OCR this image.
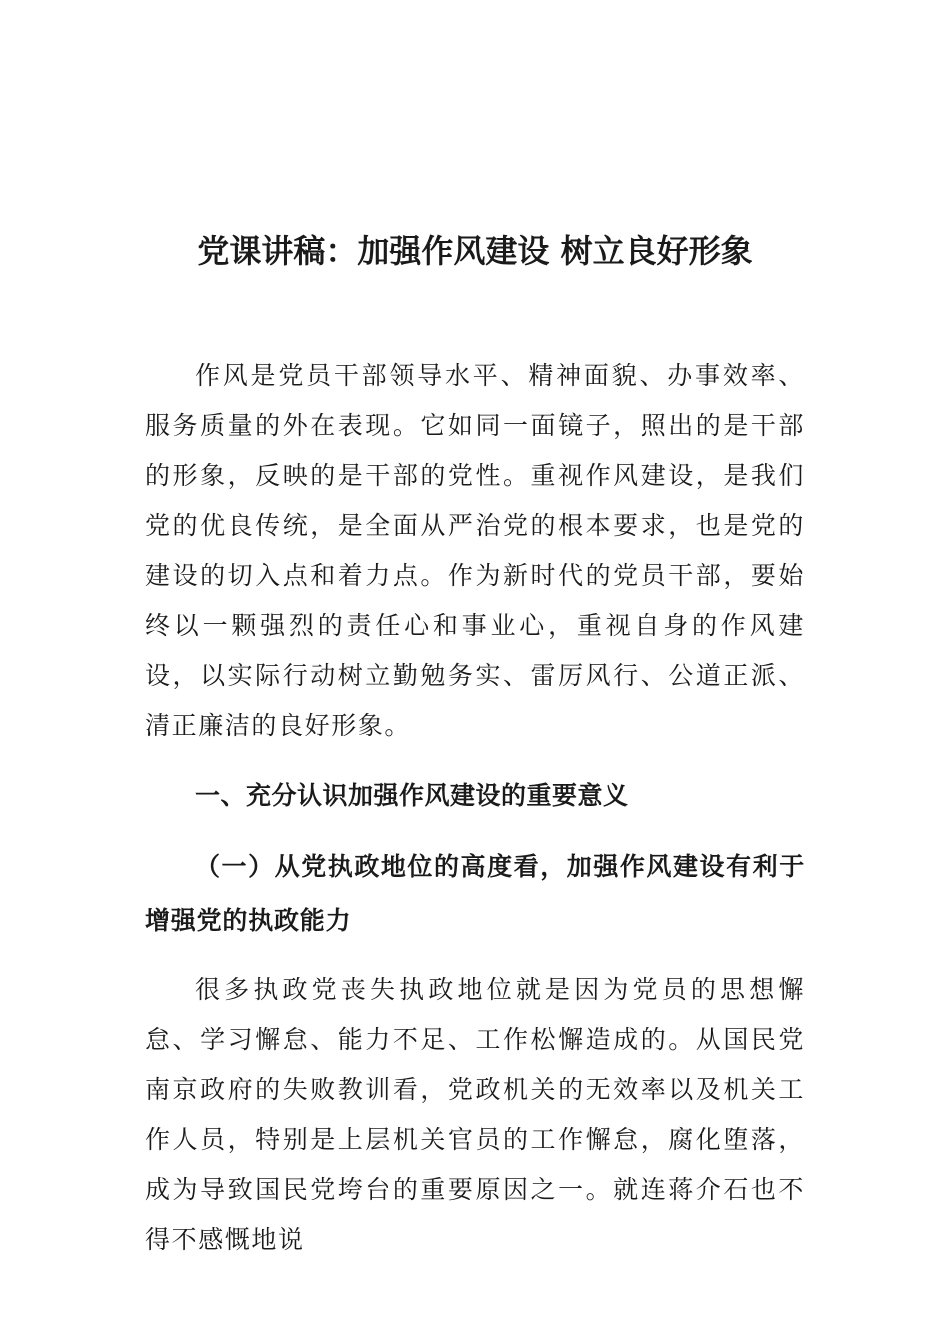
党课讲稿：加强作风建设 树立良好形象

作风是党员干部领导水平、精神面貌、办事效率、服务质量的外在表现。它如同一面镜子，照出的是干部的形象，反映的是干部的党性。重视作风建设，是我们党的优良传统，是全面从严治党的根本要求，也是党的建设的切入点和着力点。作为新时代的党员干部，要始终以一颗强烈的责任心和事业心，重视自身的作风建设，以实际行动树立勤勉务实、雷厉风行、公道正派、清正廉洁的良好形象。

一、充分认识加强作风建设的重要意义
（一）从党执政地位的高度看，加强作风建设有利于增强党的执政能力

很多执政党丧失执政地位就是因为党员的思想懈怠、学习懈怠、能力不足、工作松懈造成的。从国民党南京政府的失败教训看，党政机关的无效率以及机关工作人员，特别是上层机关官员的工作懈怠，腐化堕落，成为导致国民党垮台的重要原因之一。就连蒋介石也不得不感慨地说
